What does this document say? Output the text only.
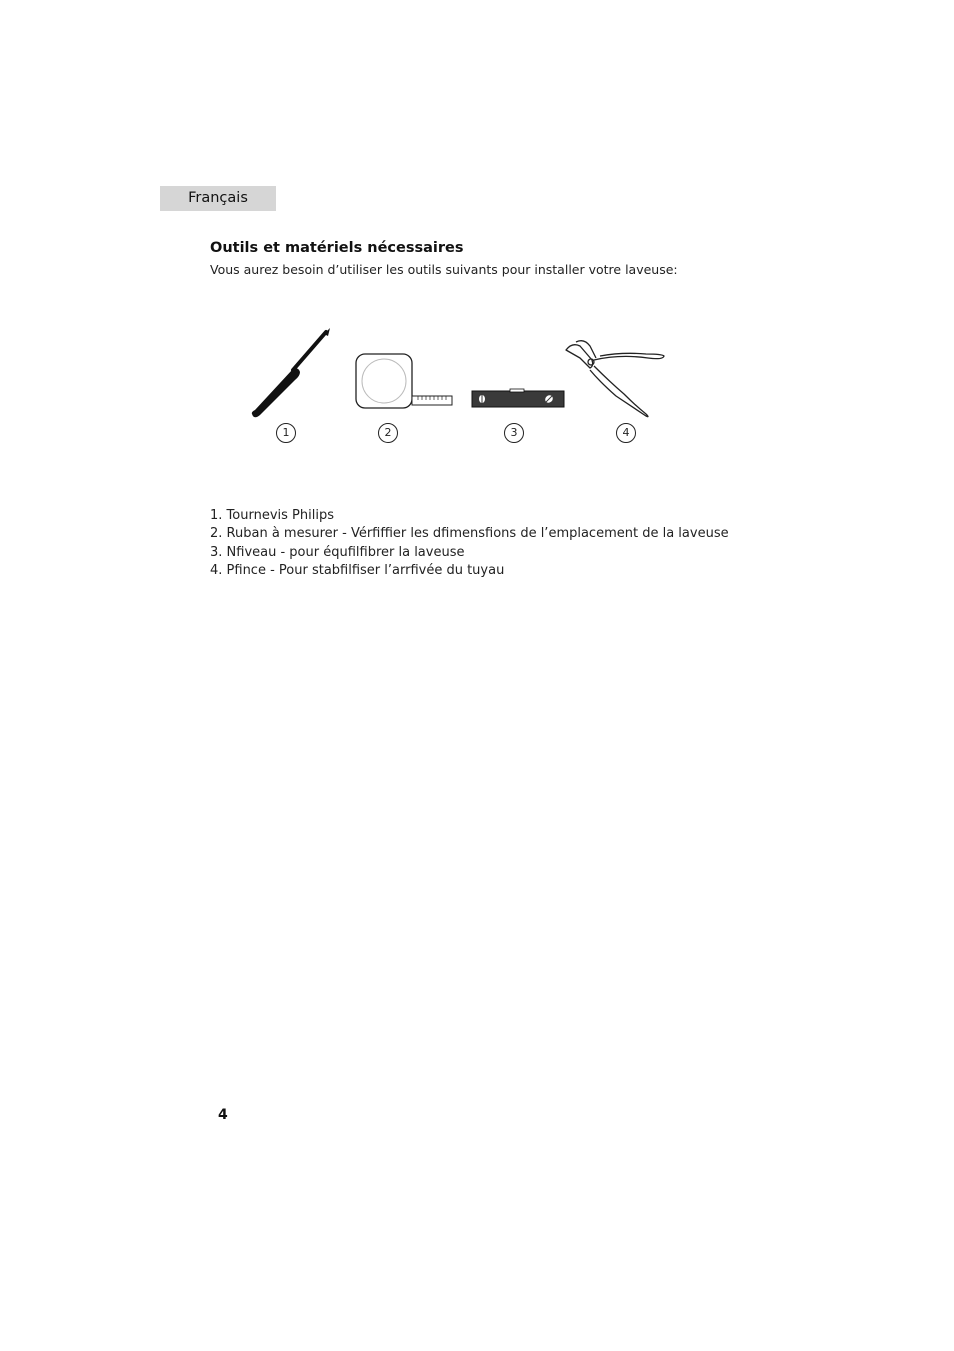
Français
Outils et matériels nécessaires

Vous aurez besoin d’utiliser les outils suivants pour installer votre laveuse:

1	2	3	4
1. Tournevis Philips
2. Ruban à mesurer - Vérfiffier les dfimensfions de l’emplacement de la laveuse
3. Nfiveau - pour équfilfibrer la laveuse
4. Pfince - Pour stabfilfiser l’arrfivée du tuyau
4
